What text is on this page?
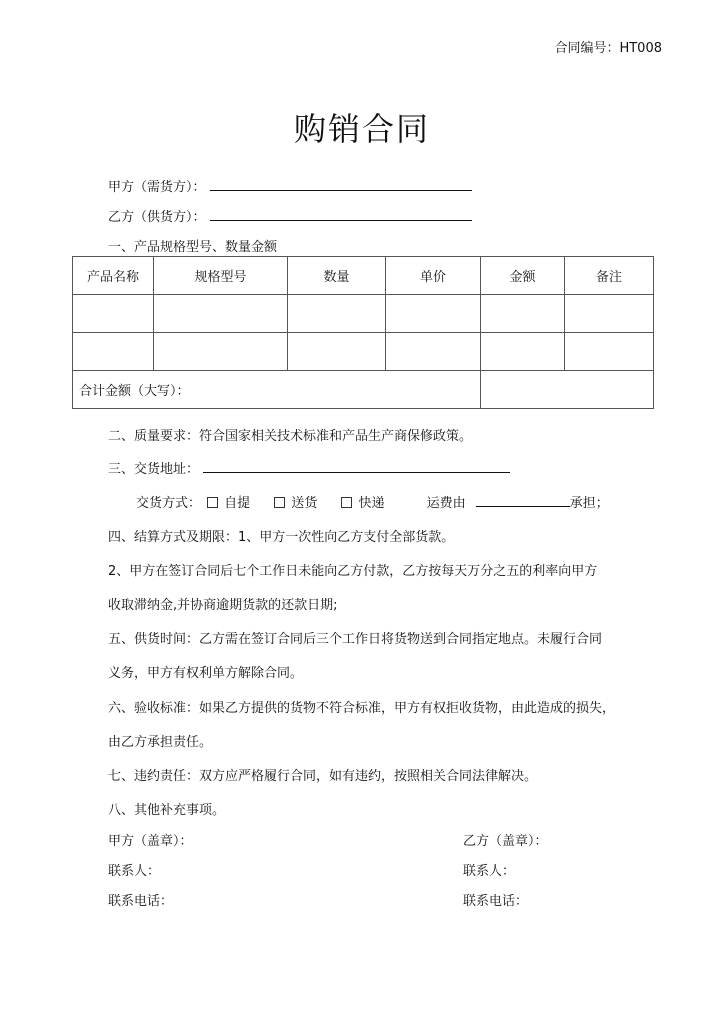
合同编号：HT008
购销合同
甲方（需货方）：
乙方（供货方）：
一、产品规格型号、数量金额
产品名称	规格型号	数量	单价	金额	备注

合计金额（大写）：					
二、质量要求：符合国家相关技术标准和产品生产商保修政策。
三、交货地址：
交货方式： 自提	送货	快递	运费由	承担；
四、结算方式及期限：1、甲方一次性向乙方支付全部货款。
2、甲方在签订合同后七个工作日未能向乙方付款，乙方按每天万分之五的利率向甲方
收取滞纳金,并协商逾期货款的还款日期;
五、供货时间：乙方需在签订合同后三个工作日将货物送到合同指定地点。未履行合同
义务，甲方有权利单方解除合同。
六、验收标准：如果乙方提供的货物不符合标准，甲方有权拒收货物，由此造成的损失，
由乙方承担责任。
七、违约责任：双方应严格履行合同，如有违约，按照相关合同法律解决。
八、其他补充事项。
甲方（盖章）：	乙方（盖章）：
联系人：	联系人：
联系电话：	联系电话：
